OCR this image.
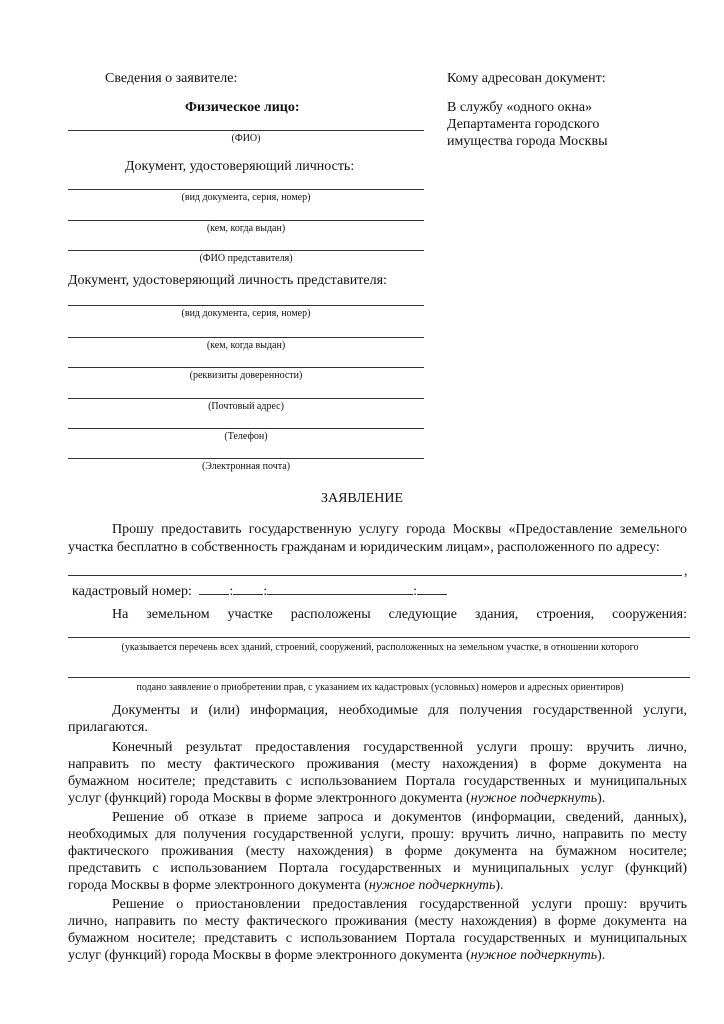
Сведения о заявителе:
Физическое лицо:
(ФИО)
Документ, удостоверяющий личность:
(вид документа, серия, номер)
(кем, когда выдан)
(ФИО представителя)
Документ, удостоверяющий личность представителя:
(вид документа, серия, номер)
(кем, когда выдан)
(реквизиты доверенности)
(Почтовый адрес)
(Телефон)
(Электронная почта)
Кому адресован документ:
В службу «одного окна»
Департамента городского
имущества города Москвы
ЗАЯВЛЕНИЕ
Прошу предоставить государственную услугу города Москвы «Предоставление земельного
участка бесплатно в собственность гражданам и юридическим лицам», расположенного по адресу:
,
кадастровый номер:	: :	:
На земельном участке расположены следующие здания, строения, сооружения:
(указывается перечень всех зданий, строений, сооружений, расположенных на земельном участке, в отношении которого
подано заявление о приобретении прав, с указанием их кадастровых (условных) номеров и адресных ориентиров)
Документы и (или) информация, необходимые для получения государственной услуги,
прилагаются.
Конечный результат предоставления государственной услуги прошу: вручить лично,
направить по месту фактического проживания (месту нахождения) в форме документа на
бумажном носителе; представить с использованием Портала государственных и муниципальных
услуг (функций) города Москвы в форме электронного документа (нужное подчеркнуть).
Решение об отказе в приеме запроса и документов (информации, сведений, данных),
необходимых для получения государственной услуги, прошу: вручить лично, направить по месту
фактического проживания (месту нахождения) в форме документа на бумажном носителе;
представить с использованием Портала государственных и муниципальных услуг (функций)
города Москвы в форме электронного документа (нужное подчеркнуть).
Решение о приостановлении предоставления государственной услуги прошу: вручить
лично, направить по месту фактического проживания (месту нахождения) в форме документа на
бумажном носителе; представить с использованием Портала государственных и муниципальных
услуг (функций) города Москвы в форме электронного документа (нужное подчеркнуть).
